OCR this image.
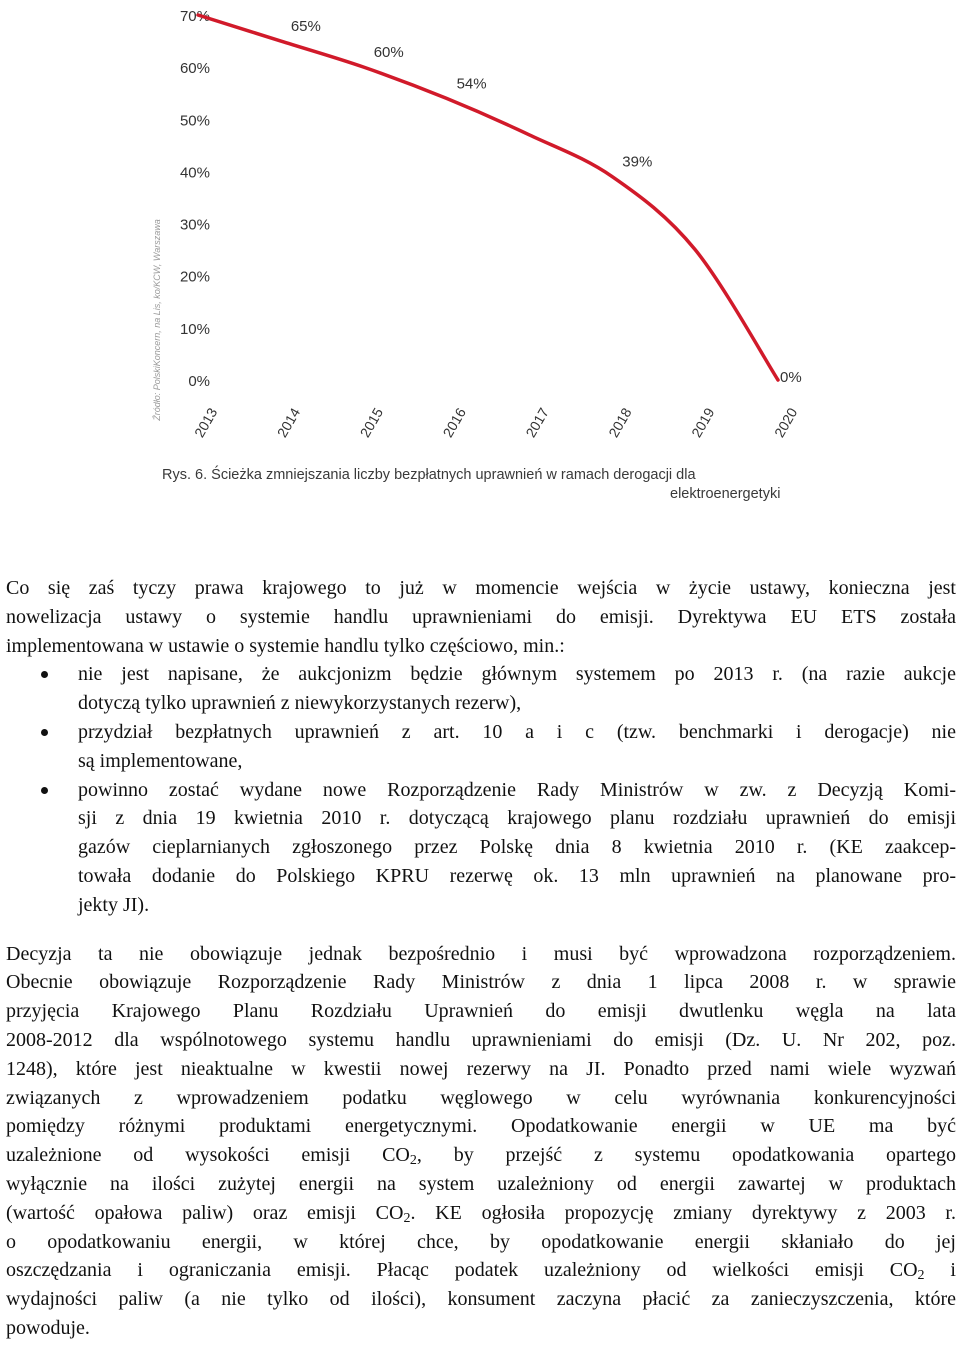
0%
10%
20%
30%
40%
50%
60%
70%
2013	2014	2015	2016	2017	2018	2019	2020
65%
60%
54%
39%
0%
Źródło: PolskiKoncern, na Lis, ko/KCW, Warszawa
Rys. 6. Ścieżka zmniejszania liczby bezpłatnych uprawnień w ramach derogacji dla
elektroenergetyki

Co się zaś tyczy prawa krajowego to już w momencie wejścia w życie ustawy, konieczna jest
nowelizacja ustawy o systemie handlu uprawnieniami do emisji. Dyrektywa EU ETS została
implementowana w ustawie o systemie handlu tylko częściowo, min.:

nie jest napisane, że aukcjonizm będzie głównym systemem po 2013 r. (na razie aukcje
dotyczą tylko uprawnień z niewykorzystanych rezerw),
przydział bezpłatnych uprawnień z art. 10 a i c (tzw. benchmarki i derogacje) nie
są implementowane,
powinno zostać wydane nowe Rozporządzenie Rady Ministrów w zw. z Decyzją Komi-
sji z dnia 19 kwietnia 2010 r. dotyczącą krajowego planu rozdziału uprawnień do emisji
gazów cieplarnianych zgłoszonego przez Polskę dnia 8 kwietnia 2010 r. (KE zaakcep-
towała dodanie do Polskiego KPRU rezerwę ok. 13 mln uprawnień na planowane pro-
jekty JI).

Decyzja ta nie obowiązuje jednak bezpośrednio i musi być wprowadzona rozporządzeniem.
Obecnie obowiązuje Rozporządzenie Rady Ministrów z dnia 1 lipca 2008 r. w sprawie
przyjęcia Krajowego Planu Rozdziału Uprawnień do emisji dwutlenku węgla na lata
2008-2012 dla wspólnotowego systemu handlu uprawnieniami do emisji (Dz. U. Nr 202, poz.
1248), które jest nieaktualne w kwestii nowej rezerwy na JI. Ponadto przed nami wiele wyzwań
związanych z wprowadzeniem podatku węglowego w celu wyrównania konkurencyjności
pomiędzy różnymi produktami energetycznymi. Opodatkowanie energii w UE ma być
uzależnione od wysokości emisji $CO_2$, by przejść z systemu opodatkowania opartego
wyłącznie na ilości zużytej energii na system uzależniony od energii zawartej w produktach
(wartość opałowa paliw) oraz emisji $CO_2$. KE ogłosiła propozycję zmiany dyrektywy z 2003 r.
o opodatkowaniu energii, w której chce, by opodatkowanie energii skłaniało do jej
oszczędzania i ograniczania emisji. Płacąc podatek uzależniony od wielkości emisji $CO_2$ i
wydajności paliw (a nie tylko od ilości), konsument zaczyna płacić za zanieczyszczenia, które
powoduje.
